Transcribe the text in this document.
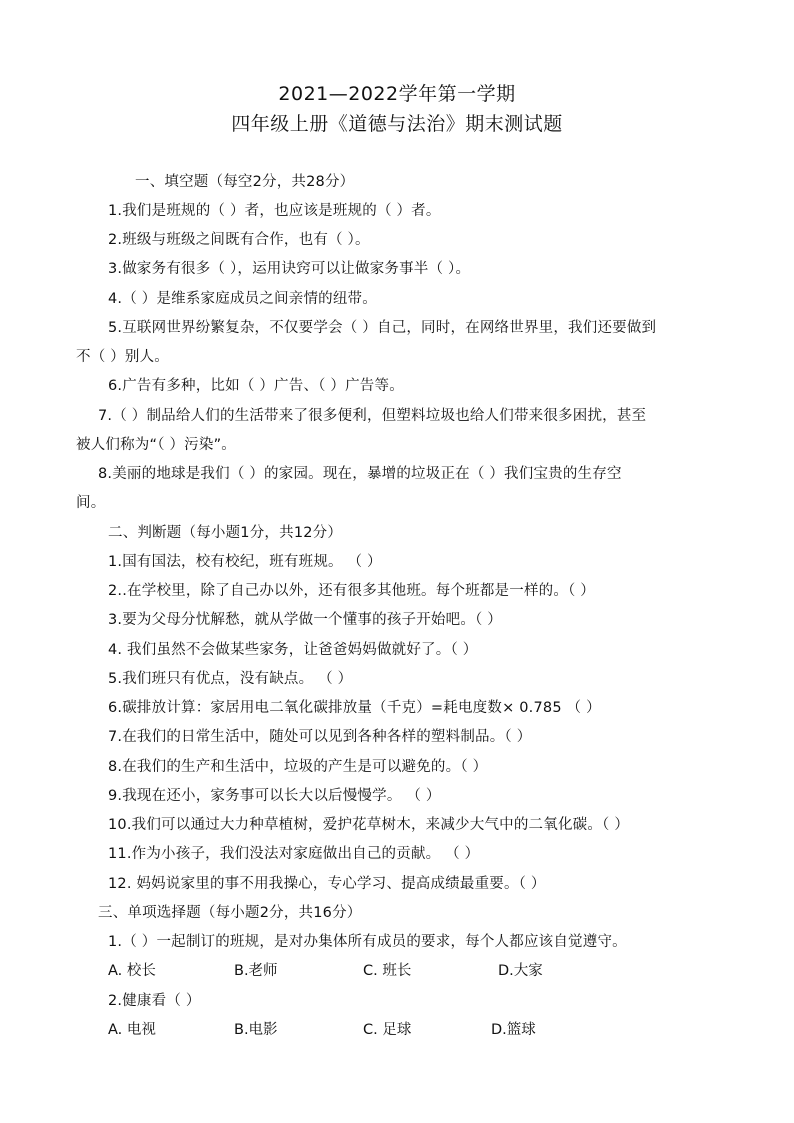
2021—2022学年第一学期
四年级上册《道德与法治》期末测试题
一、填空题（每空2分，共28分）
1.我们是班规的（ ）者，也应该是班规的（ ）者。
2.班级与班级之间既有合作，也有（ ）。
3.做家务有很多（ ），运用诀窍可以让做家务事半（ ）。
4.（ ）是维系家庭成员之间亲情的纽带。
5.互联网世界纷繁复杂，不仅要学会（ ）自己，同时，在网络世界里，我们还要做到
不（ ）别人。
6.广告有多种，比如（ ）广告、（ ）广告等。
7.（ ）制品给人们的生活带来了很多便利，但塑料垃圾也给人们带来很多困扰，甚至
被人们称为“（ ）污染”。
8.美丽的地球是我们（ ）的家园。现在，暴增的垃圾正在（ ）我们宝贵的生存空
间。
二、判断题（每小题1分，共12分）
1.国有国法，校有校纪，班有班规。 （ ）
2..在学校里，除了自己办以外，还有很多其他班。每个班都是一样的。（ ）
3.要为父母分忧解愁，就从学做一个懂事的孩子开始吧。（ ）
4. 我们虽然不会做某些家务，让爸爸妈妈做就好了。（ ）
5.我们班只有优点，没有缺点。 （ ）
6.碳排放计算：家居用电二氧化碳排放量（千克）=耗电度数× 0.785 （ ）
7.在我们的日常生活中，随处可以见到各种各样的塑料制品。（ ）
8.在我们的生产和生活中，垃圾的产生是可以避免的。（ ）
9.我现在还小，家务事可以长大以后慢慢学。 （ ）
10.我们可以通过大力种草植树，爱护花草树木，来减少大气中的二氧化碳。（ ）
11.作为小孩子，我们没法对家庭做出自己的贡献。 （ ）
12. 妈妈说家里的事不用我操心，专心学习、提高成绩最重要。（ ）
三、单项选择题（每小题2分，共16分）
1.（ ）一起制订的班规，是对办集体所有成员的要求，每个人都应该自觉遵守。
A. 校长	B.老师	C. 班长	D.大家
2.健康看（ ）
A. 电视	B.电影	C. 足球	D.篮球
